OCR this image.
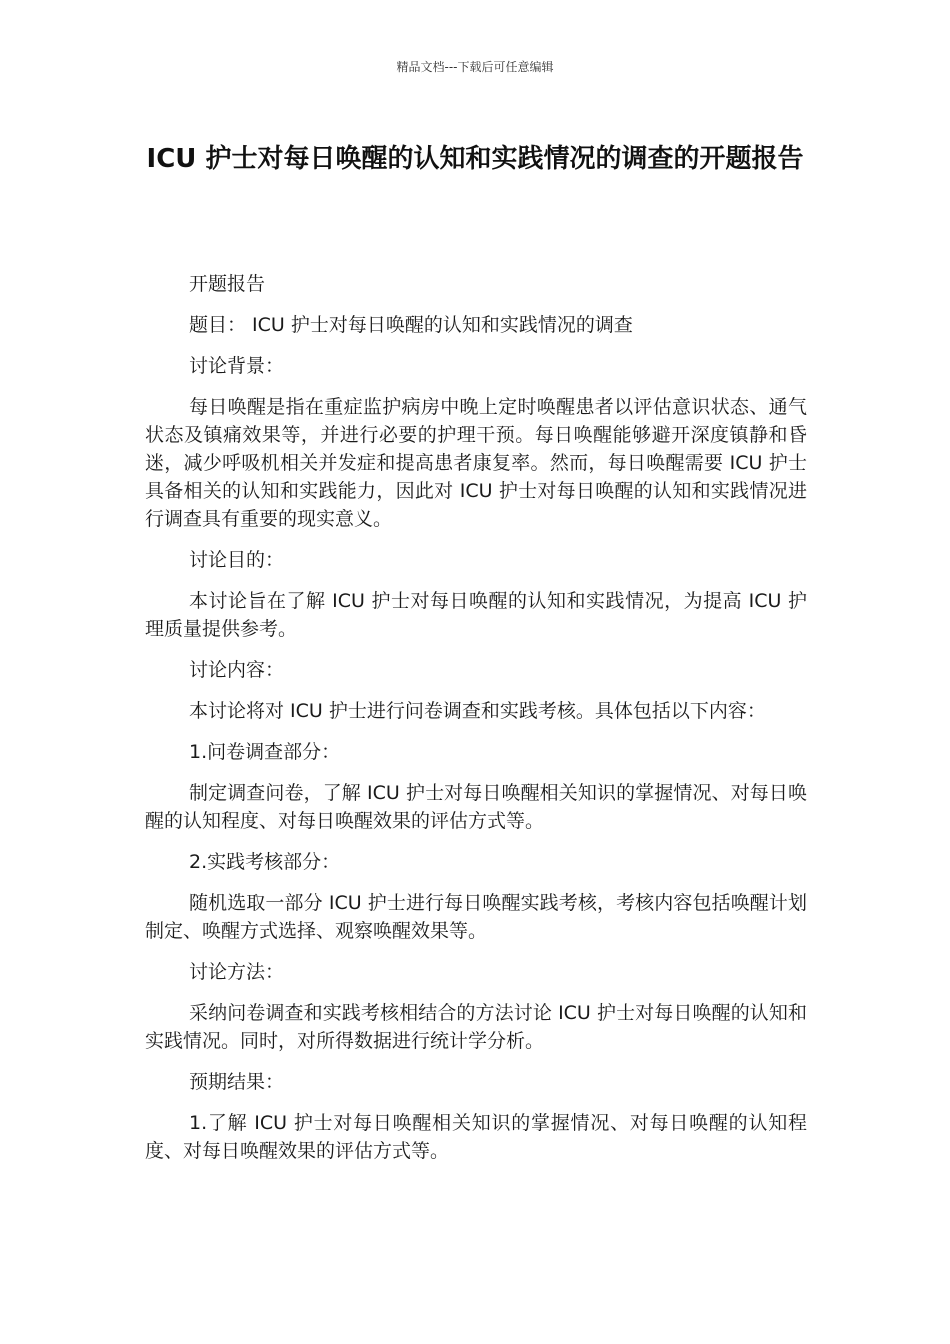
精品文档---下载后可任意编辑
ICU 护士对每日唤醒的认知和实践情况的调查的开题报告

开题报告

题目： ICU 护士对每日唤醒的认知和实践情况的调查

讨论背景：

每日唤醒是指在重症监护病房中晚上定时唤醒患者以评估意识状态、通气状态及镇痛效果等，并进行必要的护理干预。每日唤醒能够避开深度镇静和昏迷，减少呼吸机相关并发症和提高患者康复率。然而，每日唤醒需要 ICU 护士具备相关的认知和实践能力，因此对 ICU 护士对每日唤醒的认知和实践情况进行调查具有重要的现实意义。

讨论目的：

本讨论旨在了解 ICU 护士对每日唤醒的认知和实践情况，为提高 ICU 护理质量提供参考。

讨论内容：

本讨论将对 ICU 护士进行问卷调查和实践考核。具体包括以下内容：

1.问卷调查部分：

制定调查问卷，了解 ICU 护士对每日唤醒相关知识的掌握情况、对每日唤醒的认知程度、对每日唤醒效果的评估方式等。

2.实践考核部分：

随机选取一部分 ICU 护士进行每日唤醒实践考核，考核内容包括唤醒计划制定、唤醒方式选择、观察唤醒效果等。

讨论方法：

采纳问卷调查和实践考核相结合的方法讨论 ICU 护士对每日唤醒的认知和实践情况。同时，对所得数据进行统计学分析。

预期结果：

1.了解 ICU 护士对每日唤醒相关知识的掌握情况、对每日唤醒的认知程度、对每日唤醒效果的评估方式等。
